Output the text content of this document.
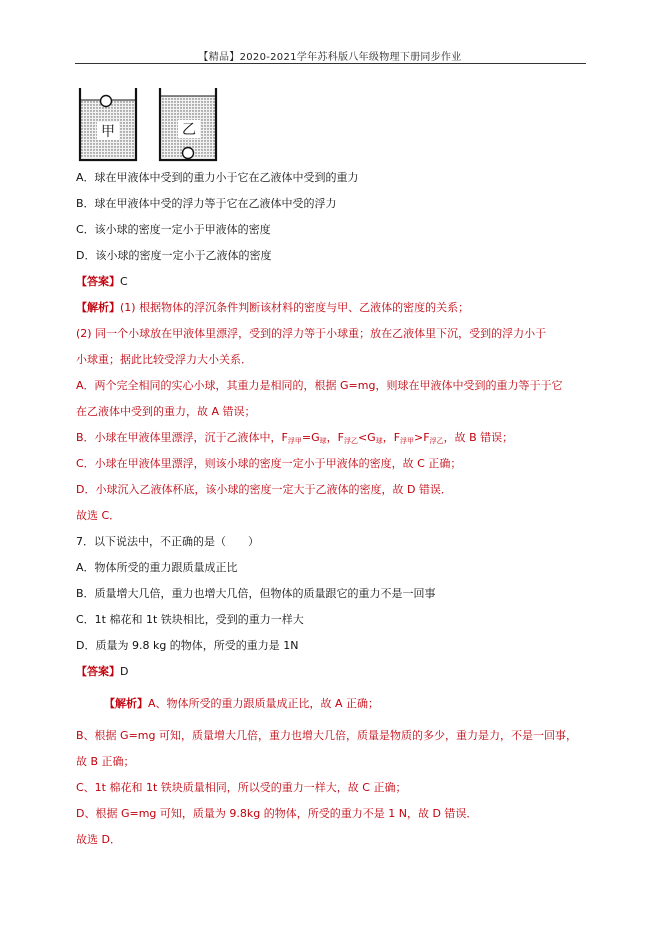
【精品】2020-2021学年苏科版八年级物理下册同步作业
甲	乙
A．球在甲液体中受到的重力小于它在乙液体中受到的重力
B．球在甲液体中受的浮力等于它在乙液体中受的浮力
C．该小球的密度一定小于甲液体的密度
D．该小球的密度一定小于乙液体的密度
【答案】C
【解析】(1) 根据物体的浮沉条件判断该材料的密度与甲、乙液体的密度的关系；
(2) 同一个小球放在甲液体里漂浮，受到的浮力等于小球重；放在乙液体里下沉，受到的浮力小于
小球重；据此比较受浮力大小关系．
A．两个完全相同的实心小球，其重力是相同的，根据 G=mg，则球在甲液体中受到的重力等于于它
在乙液体中受到的重力，故 A 错误；
B．小球在甲液体里漂浮，沉于乙液体中，$F_{浮甲}=G_球$，$F_{浮乙}<G_球$，$F_{浮甲}>F_{浮乙}$，故 B 错误；
C．小球在甲液体里漂浮，则该小球的密度一定小于甲液体的密度，故 C 正确；
D．小球沉入乙液体杯底，该小球的密度一定大于乙液体的密度，故 D 错误．
故选 C．
7．以下说法中，不正确的是（　　）
A．物体所受的重力跟质量成正比
B．质量增大几倍，重力也增大几倍，但物体的质量跟它的重力不是一回事
C．1t 棉花和 1t 铁块相比，受到的重力一样大
D．质量为 9.8 kg 的物体，所受的重力是 1N
【答案】D
【解析】A、物体所受的重力跟质量成正比，故 A 正确；
B、根据 G=mg 可知，质量增大几倍，重力也增大几倍，质量是物质的多少，重力是力，不是一回事，
故 B 正确；
C、1t 棉花和 1t 铁块质量相同，所以受的重力一样大，故 C 正确；
D、根据 G=mg 可知，质量为 9.8kg 的物体，所受的重力不是 1 N，故 D 错误．
故选 D．
